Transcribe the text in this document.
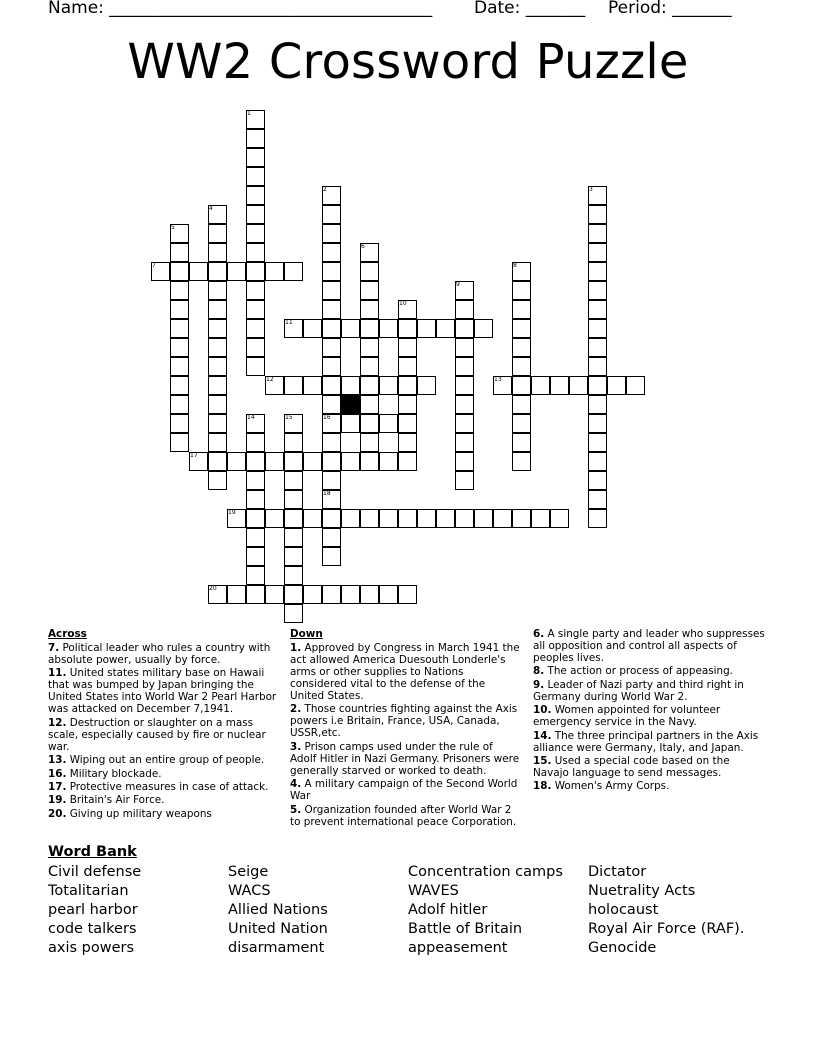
Name: ______________________________________ Date: _______ Period: _______
WW2 Crossword Puzzle
1
2	3
4
5
6
7	8
9
10
11
12	13
14	15	16
17
18
19
20
Across
7. Political leader who rules a country with absolute power, usually by force.
11. United states military base on Hawaii that was bumped by Japan bringing the United States into World War 2 Pearl Harbor was attacked on December 7,1941.
12. Destruction or slaughter on a mass scale, especially caused by fire or nuclear war.
13. Wiping out an entire group of people.
16. Military blockade.
17. Protective measures in case of attack.
19. Britain's Air Force.
20. Giving up military weapons
Down
1. Approved by Congress in March 1941 the act allowed America Duesouth Londerle's arms or other supplies to Nations considered vital to the defense of the United States.
2. Those countries fighting against the Axis powers i.e Britain, France, USA, Canada, USSR,etc.
3. Prison camps used under the rule of Adolf Hitler in Nazi Germany. Prisoners were generally starved or worked to death.
4. A military campaign of the Second World War
5. Organization founded after World War 2 to prevent international peace Corporation.
6. A single party and leader who suppresses all opposition and control all aspects of peoples lives.
8. The action or process of appeasing.
9. Leader of Nazi party and third right in Germany during World War 2.
10. Women appointed for volunteer emergency service in the Navy.
14. The three principal partners in the Axis alliance were Germany, Italy, and Japan.
15. Used a special code based on the Navajo language to send messages.
18. Women's Army Corps.
Word Bank
Civil defense
Totalitarian
pearl harbor
code talkers
axis powers
Seige
WACS
Allied Nations
United Nation
disarmament
Concentration camps
WAVES
Adolf hitler
Battle of Britain
appeasement
Dictator
Nuetrality Acts
holocaust
Royal Air Force (RAF).
Genocide
